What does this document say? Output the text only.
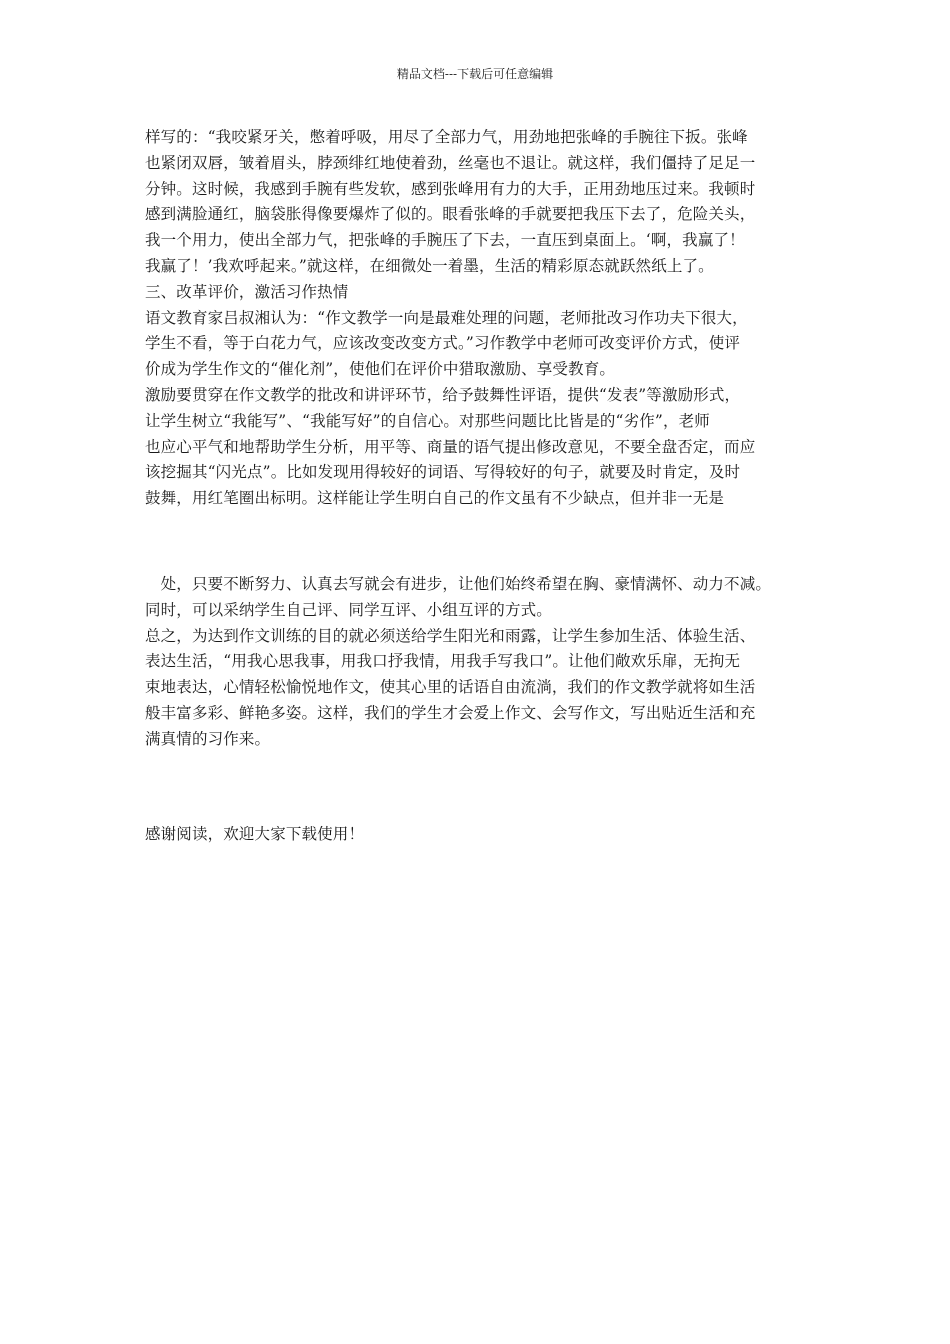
精品文档---下载后可任意编辑

样写的：“我咬紧牙关，憋着呼吸，用尽了全部力气，用劲地把张峰的手腕往下扳。张峰

也紧闭双唇，皱着眉头，脖颈绯红地使着劲，丝毫也不退让。就这样，我们僵持了足足一

分钟。这时候，我感到手腕有些发软，感到张峰用有力的大手，正用劲地压过来。我顿时

感到满脸通红，脑袋胀得像要爆炸了似的。眼看张峰的手就要把我压下去了，危险关头，

我一个用力，使出全部力气，把张峰的手腕压了下去，一直压到桌面上。‘啊，我赢了！

我赢了！’我欢呼起来。”就这样，在细微处一着墨，生活的精彩原态就跃然纸上了。

三、改革评价，激活习作热情

语文教育家吕叔湘认为：“作文教学一向是最难处理的问题，老师批改习作功夫下很大，

学生不看，等于白花力气，应该改变改变方式。”习作教学中老师可改变评价方式，使评

价成为学生作文的“催化剂”，使他们在评价中猎取激励、享受教育。

激励要贯穿在作文教学的批改和讲评环节，给予鼓舞性评语，提供“发表”等激励形式，

让学生树立“我能写”、“我能写好”的自信心。对那些问题比比皆是的“劣作”，老师

也应心平气和地帮助学生分析，用平等、商量的语气提出修改意见，不要全盘否定，而应

该挖掘其“闪光点”。比如发现用得较好的词语、写得较好的句子，就要及时肯定，及时

鼓舞，用红笔圈出标明。这样能让学生明白自己的作文虽有不少缺点，但并非一无是

　处，只要不断努力、认真去写就会有进步，让他们始终希望在胸、豪情满怀、动力不减。

同时，可以采纳学生自己评、同学互评、小组互评的方式。

总之，为达到作文训练的目的就必须送给学生阳光和雨露，让学生参加生活、体验生活、

表达生活，“用我心思我事，用我口抒我情，用我手写我口”。让他们敞欢乐扉，无拘无

束地表达，心情轻松愉悦地作文，使其心里的话语自由流淌，我们的作文教学就将如生活

般丰富多彩、鲜艳多姿。这样，我们的学生才会爱上作文、会写作文，写出贴近生活和充

满真情的习作来。

感谢阅读，欢迎大家下载使用！
